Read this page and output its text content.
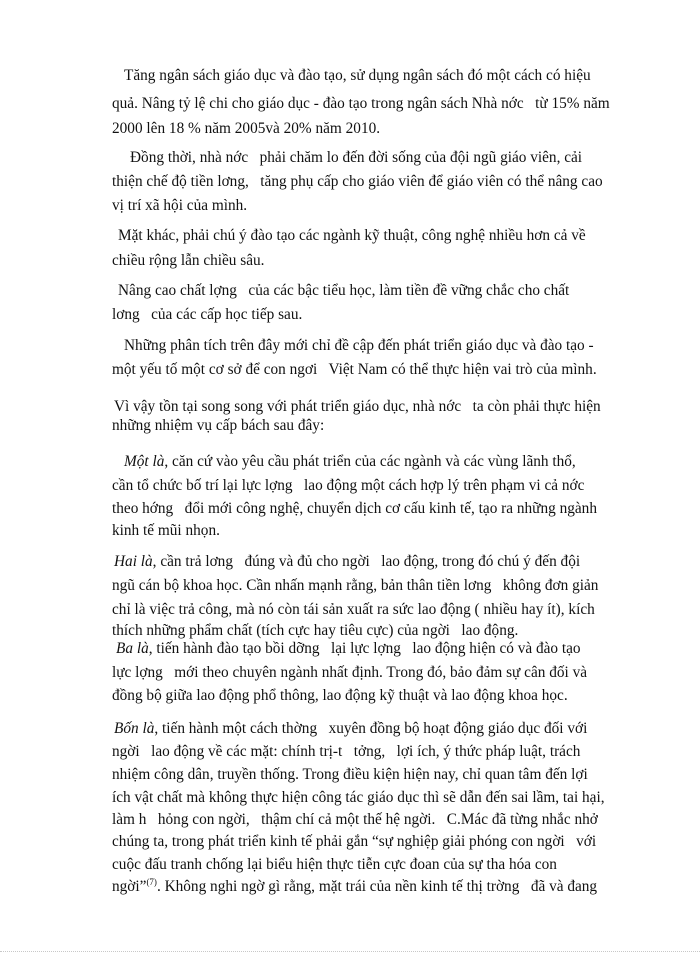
Tăng ngân sách giáo dục và đào tạo, sử dụng ngân sách đó một cách có hiệu
quả. Nâng tỷ lệ chi cho giáo dục - đào tạo trong ngân sách Nhà nớc   từ 15% năm
2000 lên 18 % năm 2005và 20% năm 2010.
Đồng thời, nhà nớc   phải chăm lo đến đời sống của đội ngũ giáo viên, cải
thiện chế độ tiền lơng,   tăng phụ cấp cho giáo viên để giáo viên có thể nâng cao
vị trí xã hội của mình.
Mặt khác, phải chú ý đào tạo các ngành kỹ thuật, công nghệ nhiều hơn cả về
chiều rộng lẫn chiều sâu.
Nâng cao chất lợng   của các bậc tiểu học, làm tiền đề vững chắc cho chất
lơng   của các cấp học tiếp sau.
Những phân tích trên đây mới chỉ đề cập đến phát triển giáo dục và đào tạo -
một yếu tố một cơ sở để con ngơi   Việt Nam có thể thực hiện vai trò của mình.
Vì vậy tồn tại song song với phát triển giáo dục, nhà nớc   ta còn phải thực hiện
những nhiệm vụ cấp bách sau đây:
Một là, căn cứ vào yêu cầu phát triển của các ngành và các vùng lãnh thổ,
cần tổ chức bố trí lại lực lợng   lao động một cách hợp lý trên phạm vi cả nớc
theo hớng   đổi mới công nghệ, chuyển dịch cơ cấu kinh tế, tạo ra những ngành
kinh tế mũi nhọn.
Hai là, cần trả lơng   đúng và đủ cho ngời   lao động, trong đó chú ý đến đội
ngũ cán bộ khoa học. Cần nhấn mạnh rằng, bản thân tiền lơng   không đơn giản
chỉ là việc trả công, mà nó còn tái sản xuất ra sức lao động ( nhiều hay ít), kích
thích những phẩm chất (tích cực hay tiêu cực) của ngời   lao động.
Ba là, tiến hành đào tạo bồi dỡng   lại lực lợng   lao động hiện có và đào tạo
lực lợng   mới theo chuyên ngành nhất định. Trong đó, bảo đảm sự cân đối và
đồng bộ giữa lao động phổ thông, lao động kỹ thuật và lao động khoa học.
Bốn là, tiến hành một cách thờng   xuyên đồng bộ hoạt động giáo dục đối với
ngời   lao động về các mặt: chính trị-t   tởng,   lợi ích, ý thức pháp luật, trách
nhiệm công dân, truyền thống. Trong điều kiện hiện nay, chỉ quan tâm đến lợi
ích vật chất mà không thực hiện công tác giáo dục thì sẽ dẫn đến sai lầm, tai hại,
làm h   hỏng con ngời,   thậm chí cả một thế hệ ngời.   C.Mác đã từng nhắc nhở
chúng ta, trong phát triển kinh tế phải gắn “sự nghiệp giải phóng con ngời   với
cuộc đấu tranh chống lại biểu hiện thực tiễn cực đoan của sự tha hóa con
ngời”$^{(7)}$. Không nghi ngờ gì rằng, mặt trái của nền kinh tế thị trờng   đã và đang
